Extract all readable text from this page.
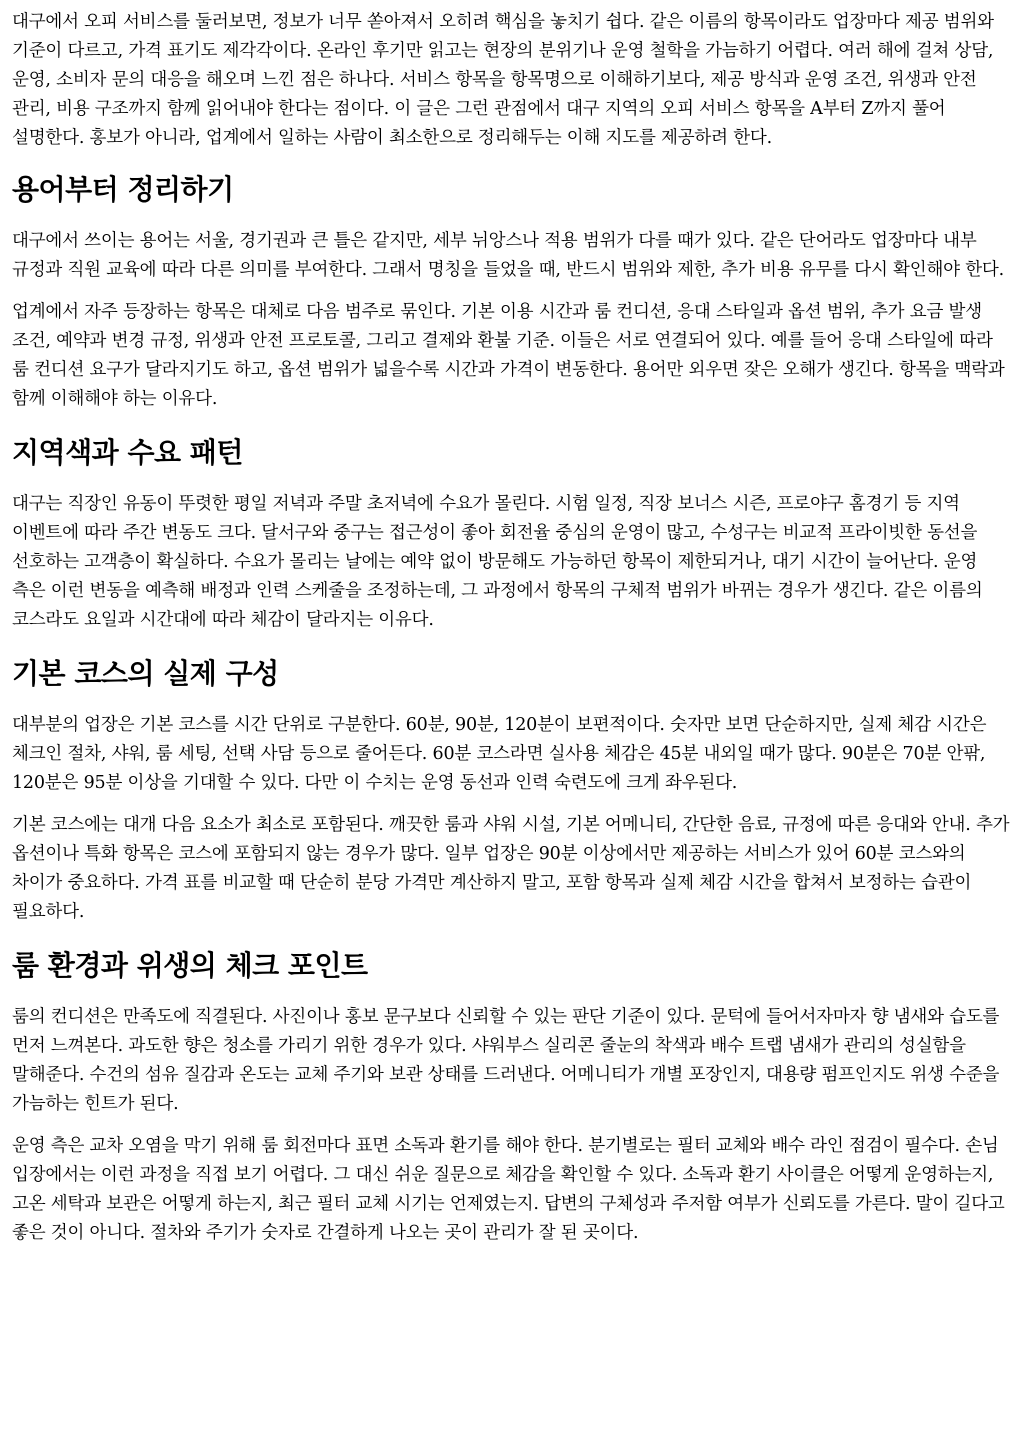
대구에서 오피 서비스를 둘러보면, 정보가 너무 쏟아져서 오히려 핵심을 놓치기 쉽다. 같은 이름의 항목이라도 업장마다 제공 범위와 기준이 다르고, 가격 표기도 제각각이다. 온라인 후기만 읽고는 현장의 분위기나 운영 철학을 가늠하기 어렵다. 여러 해에 걸쳐 상담, 운영, 소비자 문의 대응을 해오며 느낀 점은 하나다. 서비스 항목을 항목명으로 이해하기보다, 제공 방식과 운영 조건, 위생과 안전 관리, 비용 구조까지 함께 읽어내야 한다는 점이다. 이 글은 그런 관점에서 대구 지역의 오피 서비스 항목을 A부터 Z까지 풀어 설명한다. 홍보가 아니라, 업계에서 일하는 사람이 최소한으로 정리해두는 이해 지도를 제공하려 한다.

용어부터 정리하기

대구에서 쓰이는 용어는 서울, 경기권과 큰 틀은 같지만, 세부 뉘앙스나 적용 범위가 다를 때가 있다. 같은 단어라도 업장마다 내부 규정과 직원 교육에 따라 다른 의미를 부여한다. 그래서 명칭을 들었을 때, 반드시 범위와 제한, 추가 비용 유무를 다시 확인해야 한다.

업계에서 자주 등장하는 항목은 대체로 다음 범주로 묶인다. 기본 이용 시간과 룸 컨디션, 응대 스타일과 옵션 범위, 추가 요금 발생 조건, 예약과 변경 규정, 위생과 안전 프로토콜, 그리고 결제와 환불 기준. 이들은 서로 연결되어 있다. 예를 들어 응대 스타일에 따라 룸 컨디션 요구가 달라지기도 하고, 옵션 범위가 넓을수록 시간과 가격이 변동한다. 용어만 외우면 잦은 오해가 생긴다. 항목을 맥락과 함께 이해해야 하는 이유다.

지역색과 수요 패턴

대구는 직장인 유동이 뚜렷한 평일 저녁과 주말 초저녁에 수요가 몰린다. 시험 일정, 직장 보너스 시즌, 프로야구 홈경기 등 지역 이벤트에 따라 주간 변동도 크다. 달서구와 중구는 접근성이 좋아 회전율 중심의 운영이 많고, 수성구는 비교적 프라이빗한 동선을 선호하는 고객층이 확실하다. 수요가 몰리는 날에는 예약 없이 방문해도 가능하던 항목이 제한되거나, 대기 시간이 늘어난다. 운영 측은 이런 변동을 예측해 배정과 인력 스케줄을 조정하는데, 그 과정에서 항목의 구체적 범위가 바뀌는 경우가 생긴다. 같은 이름의 코스라도 요일과 시간대에 따라 체감이 달라지는 이유다.

기본 코스의 실제 구성

대부분의 업장은 기본 코스를 시간 단위로 구분한다. 60분, 90분, 120분이 보편적이다. 숫자만 보면 단순하지만, 실제 체감 시간은 체크인 절차, 샤워, 룸 세팅, 선택 사담 등으로 줄어든다. 60분 코스라면 실사용 체감은 45분 내외일 때가 많다. 90분은 70분 안팎, 120분은 95분 이상을 기대할 수 있다. 다만 이 수치는 운영 동선과 인력 숙련도에 크게 좌우된다.

기본 코스에는 대개 다음 요소가 최소로 포함된다. 깨끗한 룸과 샤워 시설, 기본 어메니티, 간단한 음료, 규정에 따른 응대와 안내. 추가 옵션이나 특화 항목은 코스에 포함되지 않는 경우가 많다. 일부 업장은 90분 이상에서만 제공하는 서비스가 있어 60분 코스와의 차이가 중요하다. 가격 표를 비교할 때 단순히 분당 가격만 계산하지 말고, 포함 항목과 실제 체감 시간을 합쳐서 보정하는 습관이 필요하다.

룸 환경과 위생의 체크 포인트

룸의 컨디션은 만족도에 직결된다. 사진이나 홍보 문구보다 신뢰할 수 있는 판단 기준이 있다. 문턱에 들어서자마자 향 냄새와 습도를 먼저 느껴본다. 과도한 향은 청소를 가리기 위한 경우가 있다. 샤워부스 실리콘 줄눈의 착색과 배수 트랩 냄새가 관리의 성실함을 말해준다. 수건의 섬유 질감과 온도는 교체 주기와 보관 상태를 드러낸다. 어메니티가 개별 포장인지, 대용량 펌프인지도 위생 수준을 가늠하는 힌트가 된다.

운영 측은 교차 오염을 막기 위해 룸 회전마다 표면 소독과 환기를 해야 한다. 분기별로는 필터 교체와 배수 라인 점검이 필수다. 손님 입장에서는 이런 과정을 직접 보기 어렵다. 그 대신 쉬운 질문으로 체감을 확인할 수 있다. 소독과 환기 사이클은 어떻게 운영하는지, 고온 세탁과 보관은 어떻게 하는지, 최근 필터 교체 시기는 언제였는지. 답변의 구체성과 주저함 여부가 신뢰도를 가른다. 말이 길다고 좋은 것이 아니다. 절차와 주기가 숫자로 간결하게 나오는 곳이 관리가 잘 된 곳이다.
